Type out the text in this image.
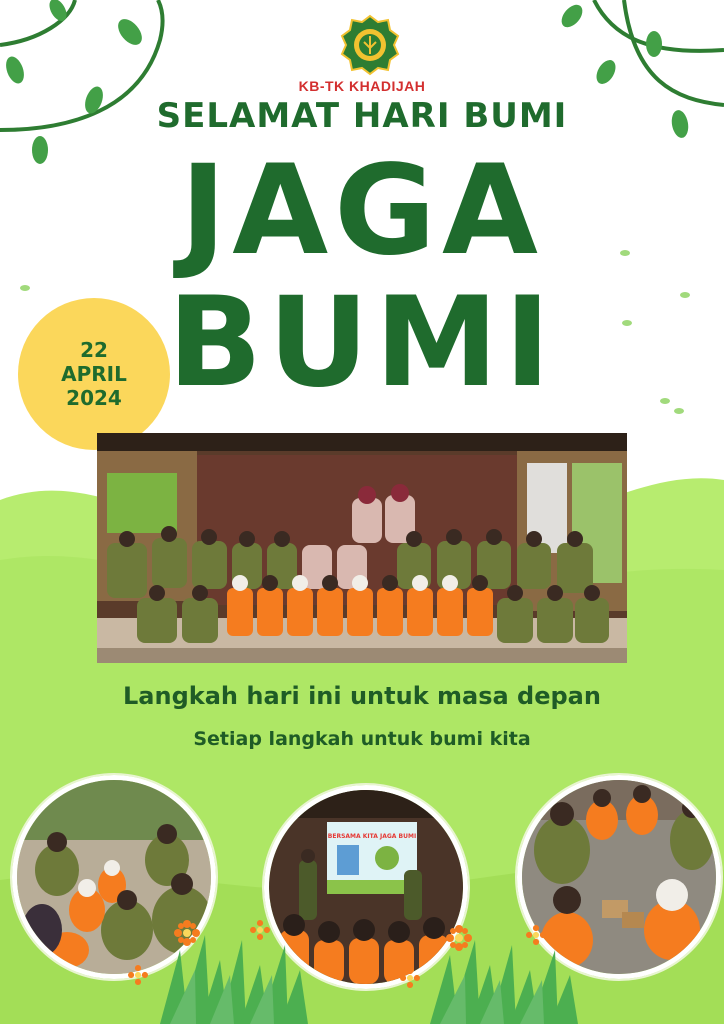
KB-TK KHADIJAH
SELAMAT HARI BUMI
JAGA
BUMI
22
APRIL
2024
Langkah hari ini untuk masa depan
Setiap langkah untuk bumi kita
BERSAMA KITA JAGA BUMI
